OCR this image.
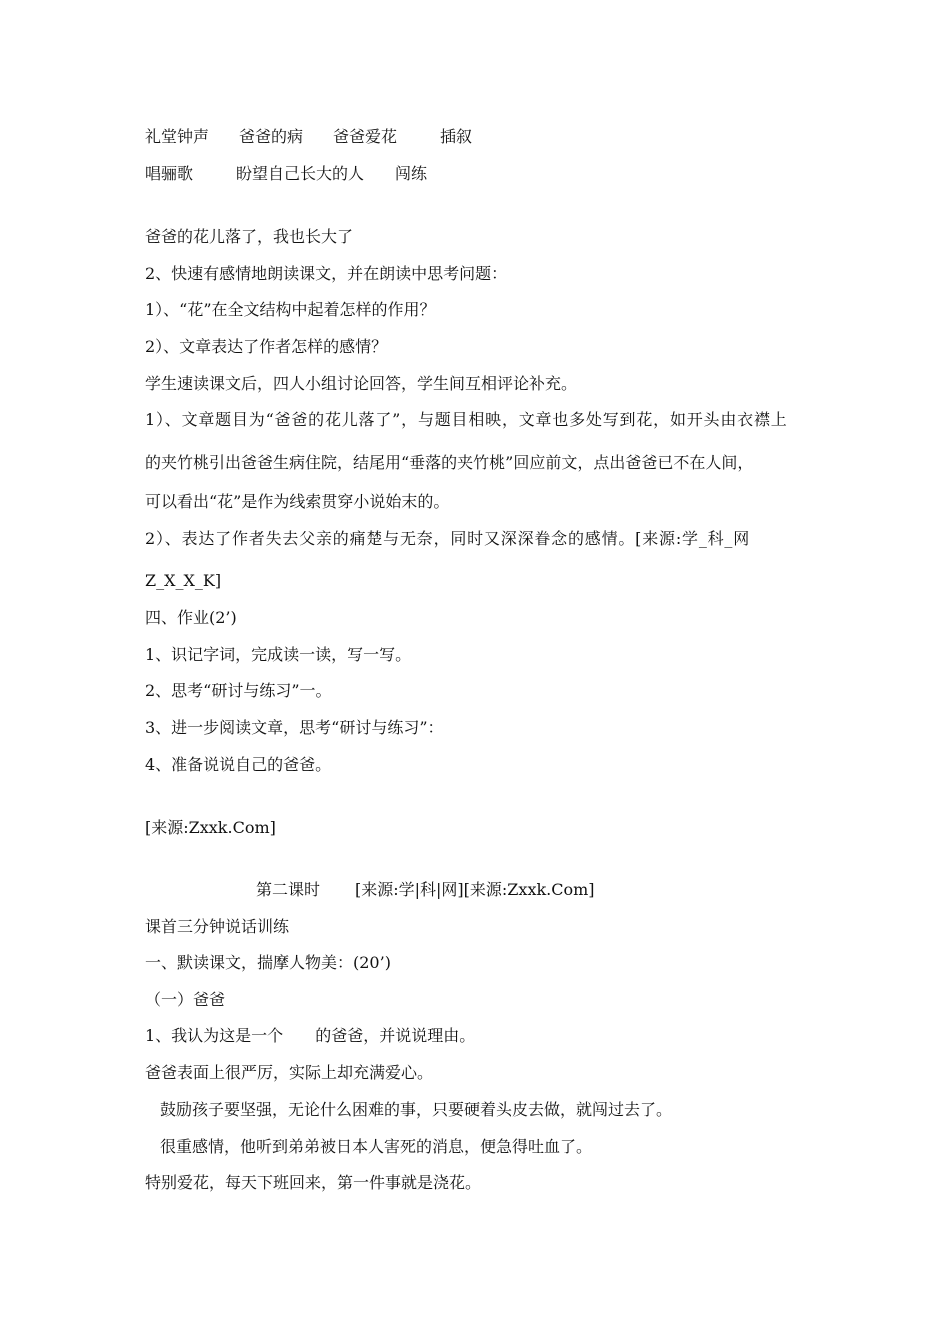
礼堂钟声 爸爸的病 爸爸爱花	插叙
唱骊歌	盼望自己长大的人 闯练
爸爸的花儿落了，我也长大了
2、快速有感情地朗读课文，并在朗读中思考问题：
1）、“花”在全文结构中起着怎样的作用？
2）、文章表达了作者怎样的感情？
学生速读课文后，四人小组讨论回答，学生间互相评论补充。
1）、文章题目为“爸爸的花儿落了”，与题目相映，文章也多处写到花，如开头由衣襟上
的夹竹桃引出爸爸生病住院，结尾用“垂落的夹竹桃”回应前文，点出爸爸已不在人间，
可以看出“花”是作为线索贯穿小说始末的。
2）、表达了作者失去父亲的痛楚与无奈，同时又深深眷念的感情。[来源:学_科_网
Z_X_X_K]
四、作业(2’)
1、识记字词，完成读一读，写一写。
2、思考“研讨与练习”一。
3、进一步阅读文章，思考“研讨与练习”：
4、准备说说自己的爸爸。
[来源:Zxxk.Com]
第二课时 [来源:学|科|网][来源:Zxxk.Com]
课首三分钟说话训练
一、默读课文，揣摩人物美：(20’)
（一）爸爸
1、我认为这是一个 的爸爸，并说说理由。
爸爸表面上很严厉，实际上却充满爱心。
鼓励孩子要坚强，无论什么困难的事，只要硬着头皮去做，就闯过去了。
很重感情，他听到弟弟被日本人害死的消息，便急得吐血了。
特别爱花，每天下班回来，第一件事就是浇花。
